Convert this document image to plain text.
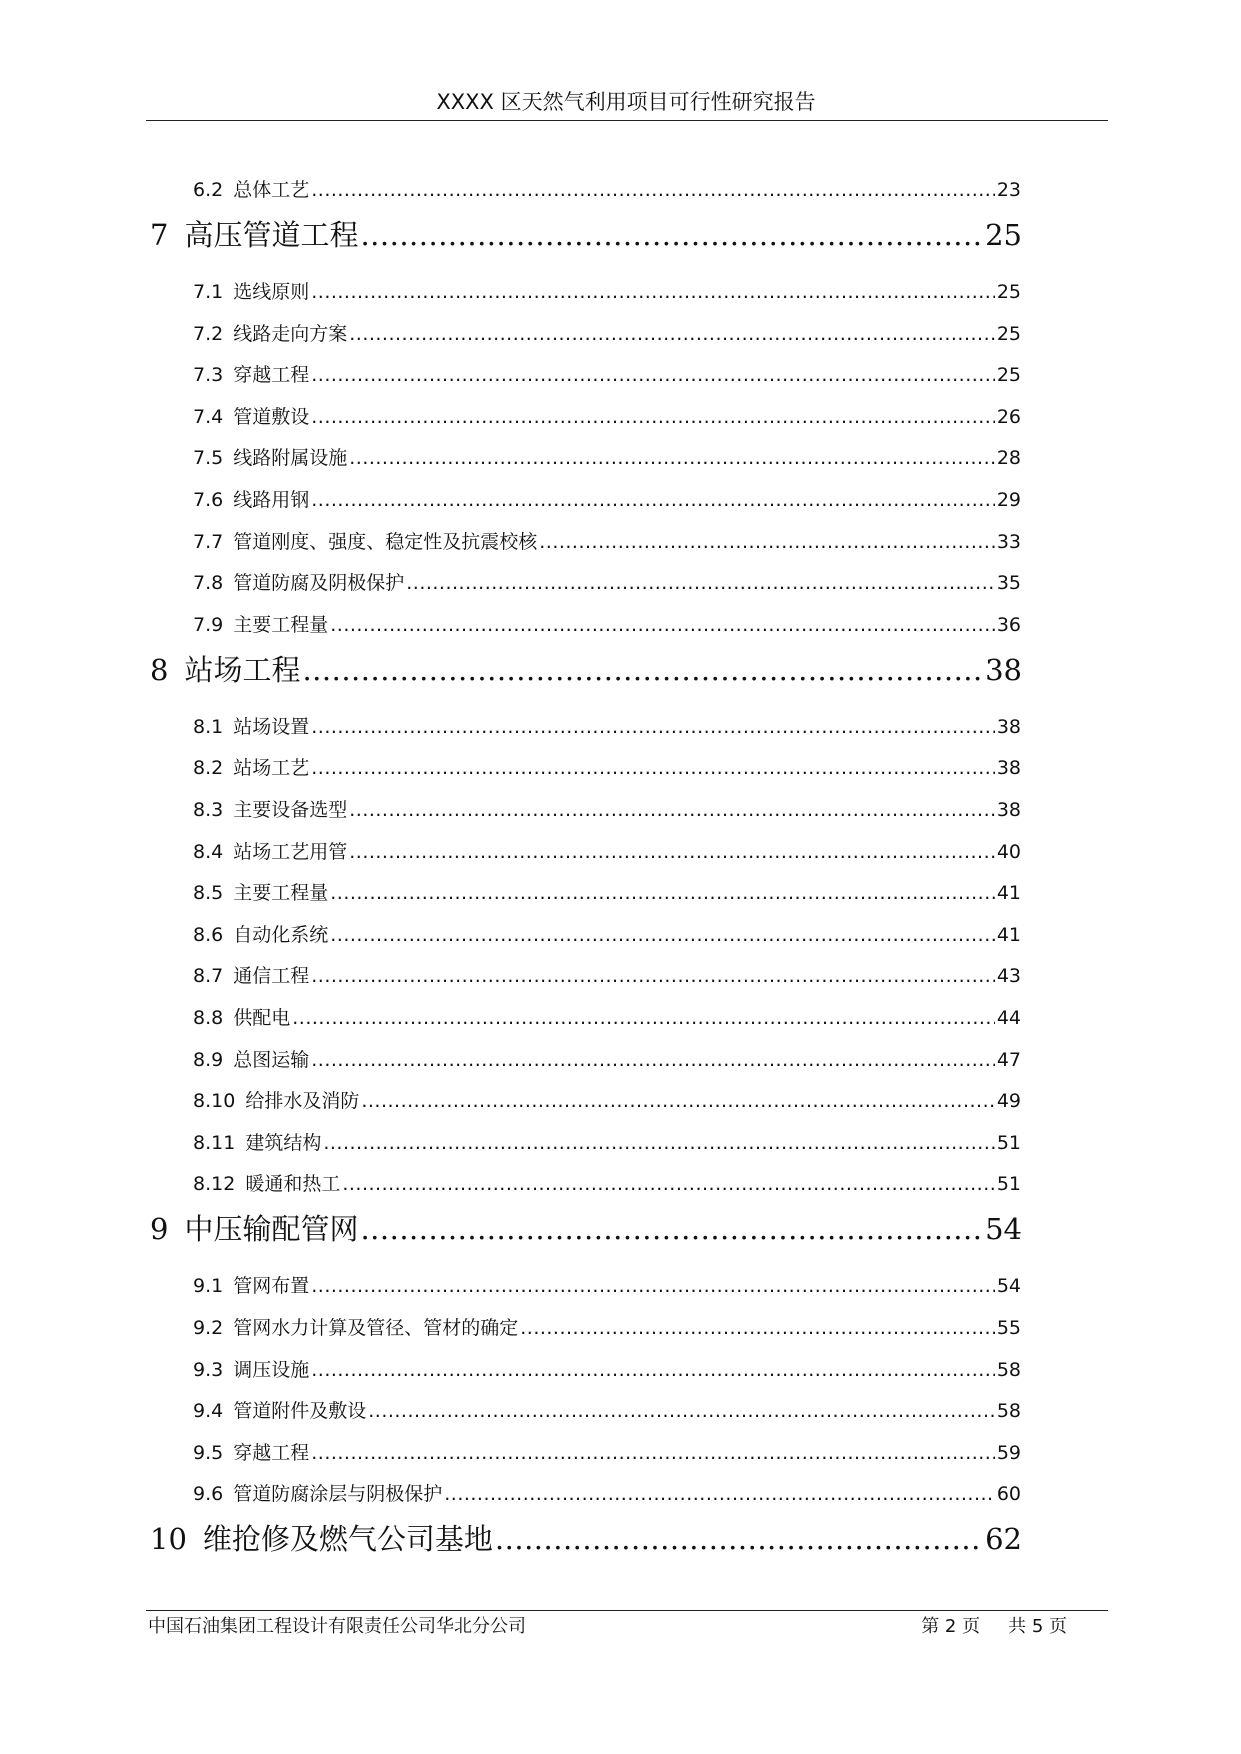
XXXX 区天然气利用项目可行性研究报告
6.2 总体工艺 .....	23
7 高压管道工程 .....	25
7.1 选线原则 .....	25
7.2 线路走向方案 .....	25
7.3 穿越工程 .....	25
7.4 管道敷设 .....	26
7.5 线路附属设施 .....	28
7.6 线路用钢 .....	29
7.7 管道刚度、强度、稳定性及抗震校核 .....	33
7.8 管道防腐及阴极保护 .....	35
7.9 主要工程量 .....	36
8 站场工程 .....	38
8.1 站场设置 .....	38
8.2 站场工艺 .....	38
8.3 主要设备选型 .....	38
8.4 站场工艺用管 .....	40
8.5 主要工程量 .....	41
8.6 自动化系统 .....	41
8.7 通信工程 .....	43
8.8 供配电 .....	44
8.9 总图运输 .....	47
8.10 给排水及消防 .....	49
8.11 建筑结构 .....	51
8.12 暖通和热工 .....	51
9 中压输配管网 .....	54
9.1 管网布置 .....	54
9.2 管网水力计算及管径、管材的确定 .....	55
9.3 调压设施 .....	58
9.4 管道附件及敷设 .....	58
9.5 穿越工程 .....	59
9.6 管道防腐涂层与阴极保护 .....	60
10 维抢修及燃气公司基地 .....	62
中国石油集团工程设计有限责任公司华北分公司	第 2 页 共 5 页
